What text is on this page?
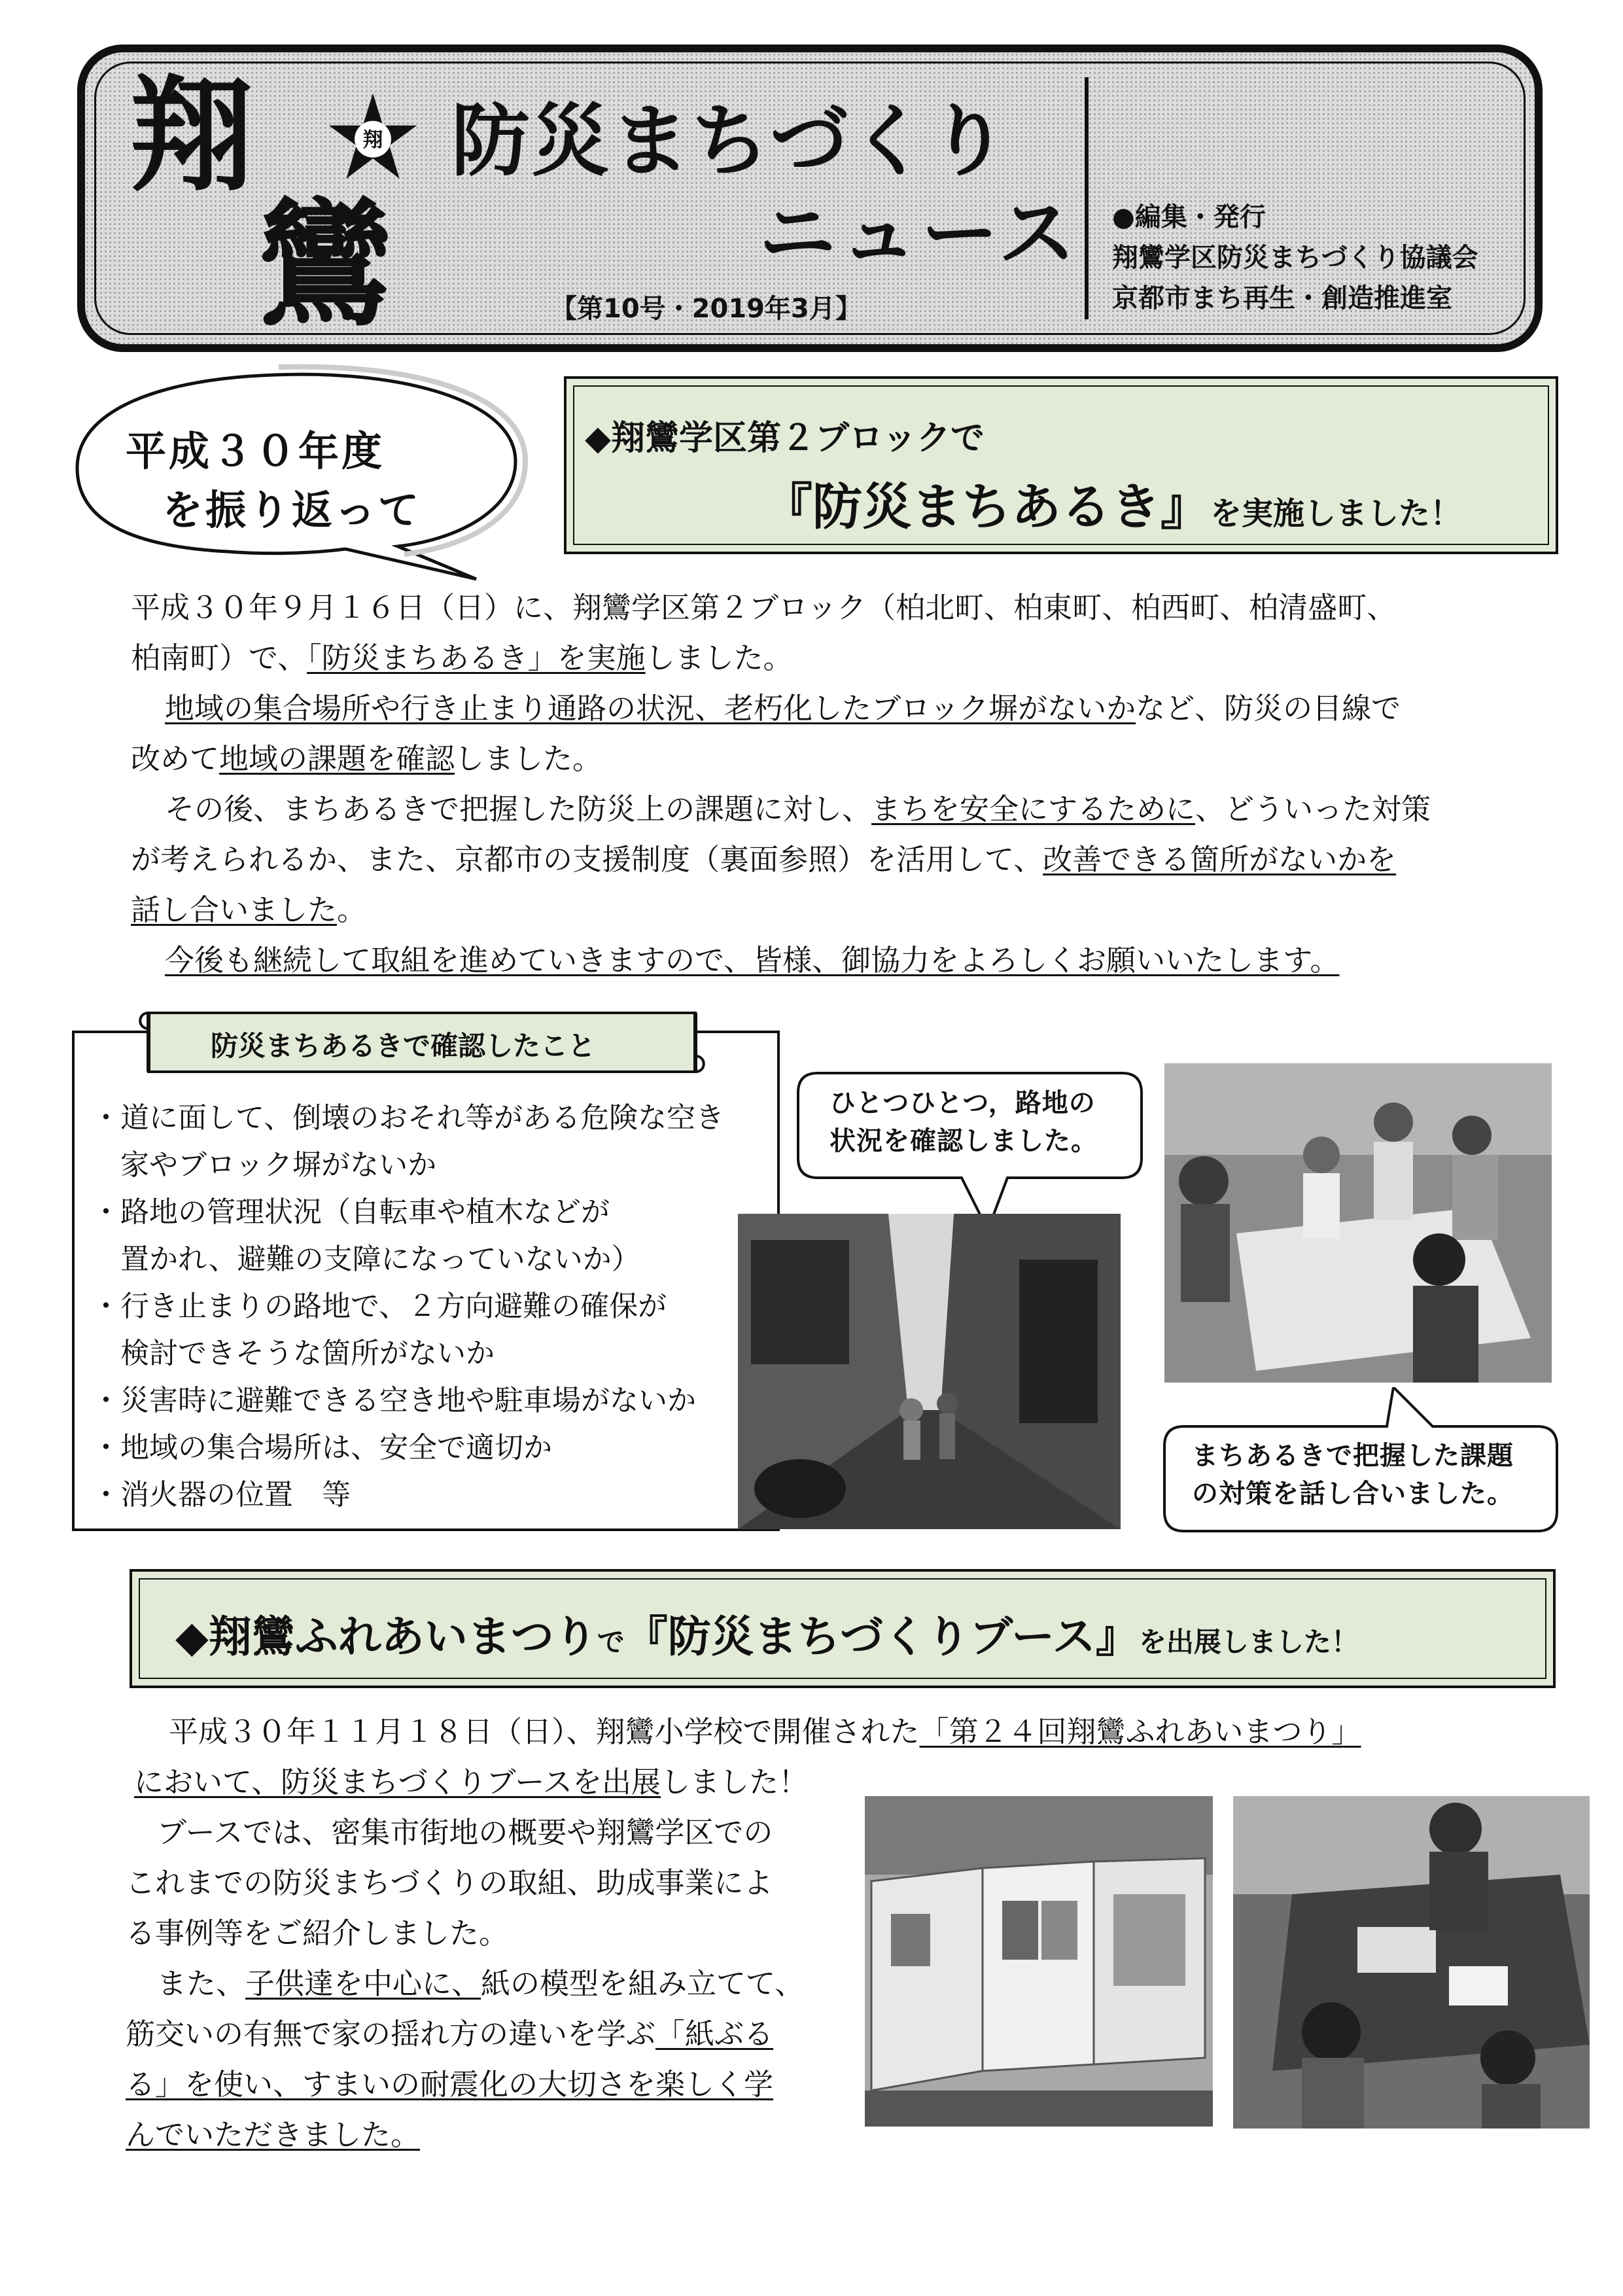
翔
鸞
翔 防災まちづくり
ニュース
【第10号・2019年3月】
●編集・発行
翔鸞学区防災まちづくり協議会
京都市まち再生・創造推進室
平成３０年度
を振り返って
◆翔鸞学区第２ブロックで
『防災まちあるき』を実施しました！
平成３０年９月１６日（日）に、翔鸞学区第２ブロック（柏北町、柏東町、柏西町、柏清盛町、
柏南町）で、「防災まちあるき」を実施しました。
地域の集合場所や行き止まり通路の状況、老朽化したブロック塀がないかなど、防災の目線で
改めて地域の課題を確認しました。
その後、まちあるきで把握した防災上の課題に対し、まちを安全にするために、どういった対策
が考えられるか、また、京都市の支援制度（裏面参照）を活用して、改善できる箇所がないかを
話し合いました。
今後も継続して取組を進めていきますので、皆様、御協力をよろしくお願いいたします。
防災まちあるきで確認したこと
・道に面して、倒壊のおそれ等がある危険な空き
　家やブロック塀がないか
・路地の管理状況（自転車や植木などが
　置かれ、避難の支障になっていないか）
・行き止まりの路地で、２方向避難の確保が
　検討できそうな箇所がないか
・災害時に避難できる空き地や駐車場がないか
・地域の集合場所は、安全で適切か
・消火器の位置　等
ひとつひとつ，路地の
状況を確認しました。
まちあるきで把握した課題
の対策を話し合いました。
◆翔鸞ふれあいまつりで『防災まちづくりブース』を出展しました！
平成３０年１１月１８日（日）、翔鸞小学校で開催された「第２４回翔鸞ふれあいまつり」
において、防災まちづくりブースを出展しました！
ブースでは、密集市街地の概要や翔鸞学区での
これまでの防災まちづくりの取組、助成事業によ
る事例等をご紹介しました。
また、子供達を中心に、紙の模型を組み立てて、
筋交いの有無で家の揺れ方の違いを学ぶ「紙ぶる
る」を使い、すまいの耐震化の大切さを楽しく学
んでいただきました。
